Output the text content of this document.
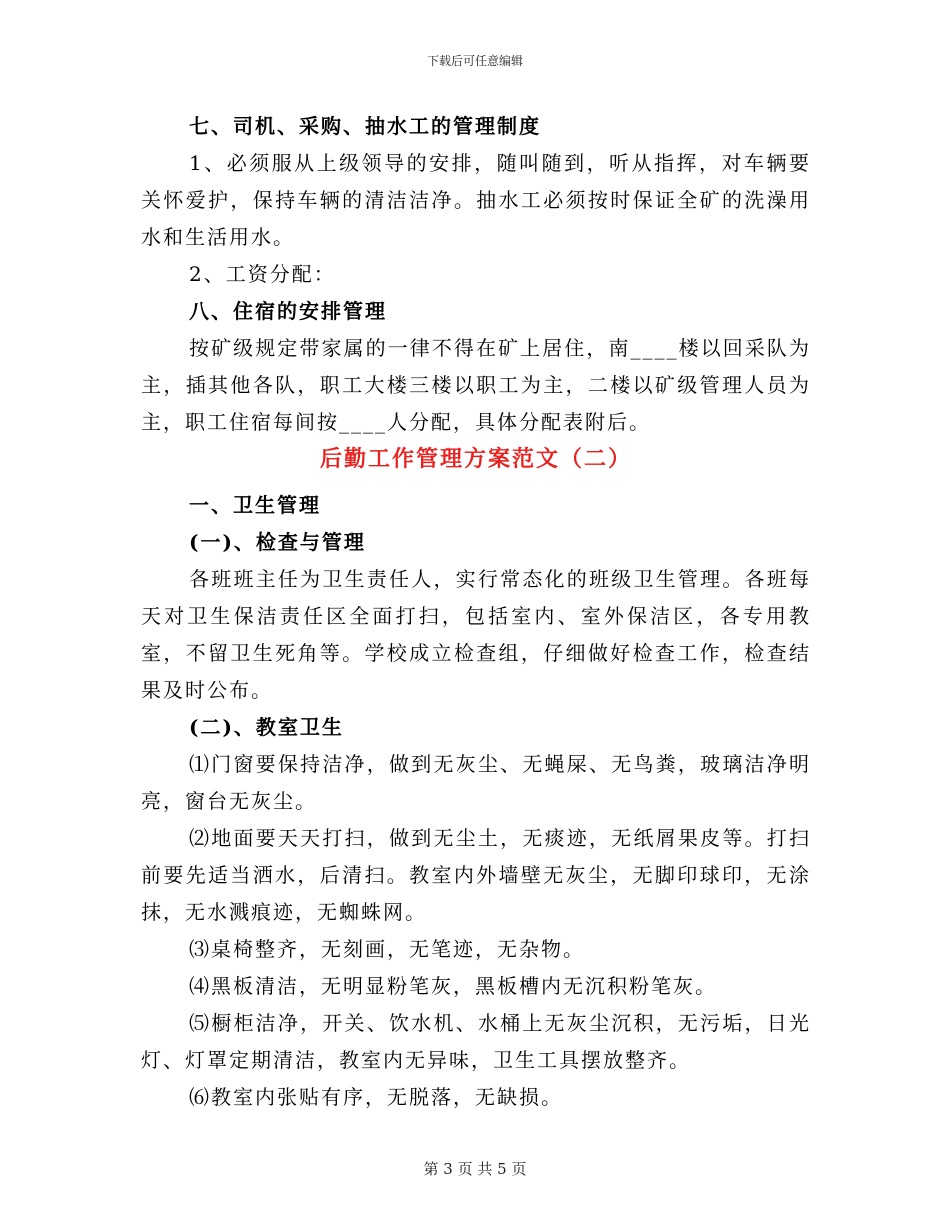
下载后可任意编辑

七、司机、采购、抽水工的管理制度

1、必须服从上级领导的安排，随叫随到，听从指挥，对车辆要关怀爱护，保持车辆的清洁洁净。抽水工必须按时保证全矿的洗澡用水和生活用水。

2、工资分配：

八、住宿的安排管理

按矿级规定带家属的一律不得在矿上居住，南____楼以回采队为主，插其他各队，职工大楼三楼以职工为主，二楼以矿级管理人员为主，职工住宿每间按____人分配，具体分配表附后。

后勤工作管理方案范文（二）

一、卫生管理

(一)、检查与管理

各班班主任为卫生责任人，实行常态化的班级卫生管理。各班每天对卫生保洁责任区全面打扫，包括室内、室外保洁区，各专用教室，不留卫生死角等。学校成立检查组，仔细做好检查工作，检查结果及时公布。

(二)、教室卫生

⑴门窗要保持洁净，做到无灰尘、无蝇屎、无鸟粪，玻璃洁净明亮，窗台无灰尘。

⑵地面要天天打扫，做到无尘土，无痰迹，无纸屑果皮等。打扫前要先适当洒水，后清扫。教室内外墙壁无灰尘，无脚印球印，无涂抹，无水溅痕迹，无蜘蛛网。

⑶桌椅整齐，无刻画，无笔迹，无杂物。

⑷黑板清洁，无明显粉笔灰，黑板槽内无沉积粉笔灰。

⑸橱柜洁净，开关、饮水机、水桶上无灰尘沉积，无污垢，日光灯、灯罩定期清洁，教室内无异味，卫生工具摆放整齐。

⑹教室内张贴有序，无脱落，无缺损。

第 3 页 共 5 页
